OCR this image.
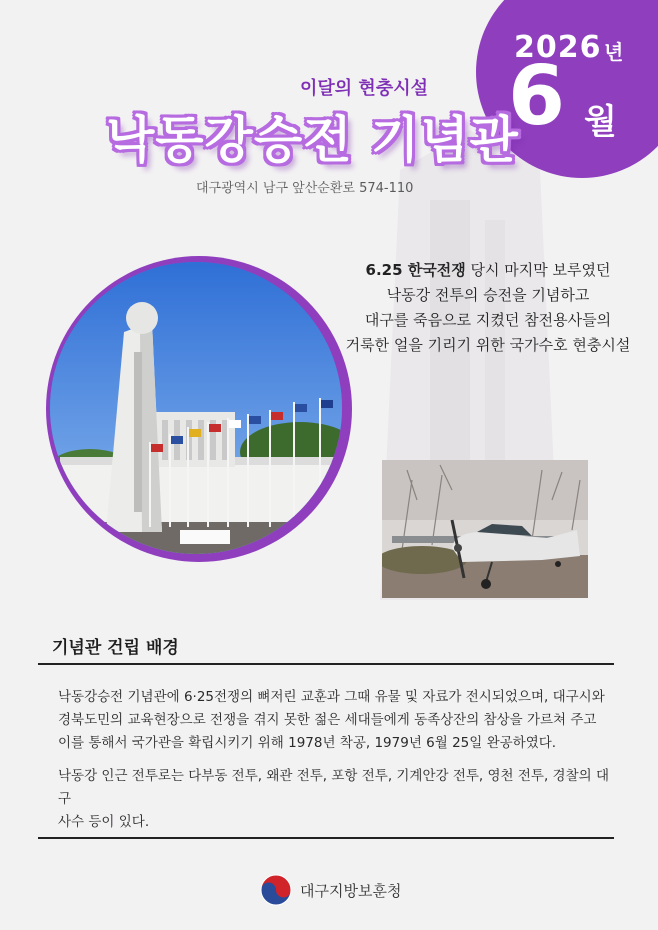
2026 년
6 월
이달의 현충시설
낙동강승전 기념관
대구광역시 남구 앞산순환로 574-110
6.25 한국전쟁 당시 마지막 보루였던
낙동강 전투의 승전을 기념하고
대구를 죽음으로 지켰던 참전용사들의
거룩한 얼을 기리기 위한 국가수호 현충시설
기념관 건립 배경
낙동강승전 기념관에 6·25전쟁의 뼈저린 교훈과 그때 유물 및 자료가 전시되었으며, 대구시와
경북도민의 교육현장으로 전쟁을 겪지 못한 젊은 세대들에게 동족상잔의 참상을 가르쳐 주고
이를 통해서 국가관을 확립시키기 위해 1978년 착공, 1979년 6월 25일 완공하였다.
낙동강 인근 전투로는 다부동 전투, 왜관 전투, 포항 전투, 기계안강 전투, 영천 전투, 경찰의 대구
사수 등이 있다.
대구지방보훈청
